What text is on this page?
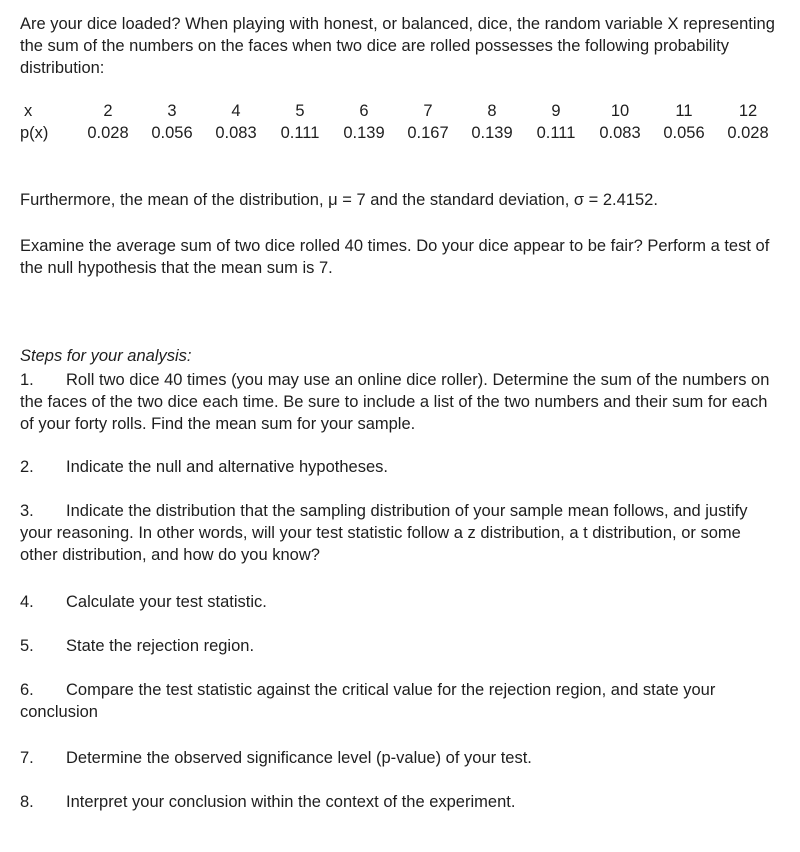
Are your dice loaded? When playing with honest, or balanced, dice, the random variable X representing the sum of the numbers on the faces when two dice are rolled possesses the following probability distribution:

x	2	3	4	5	6	7	8	9	10	11	12
p(x)	0.028	0.056	0.083	0.111	0.139	0.167	0.139	0.111	0.083	0.056	0.028

Furthermore, the mean of the distribution, μ = 7 and the standard deviation, σ = 2.4152.

Examine the average sum of two dice rolled 40 times. Do your dice appear to be fair? Perform a test of the null hypothesis that the mean sum is 7.

Steps for your analysis:

1. Roll two dice 40 times (you may use an online dice roller). Determine the sum of the numbers on the faces of the two dice each time. Be sure to include a list of the two numbers and their sum for each of your forty rolls. Find the mean sum for your sample.

2. Indicate the null and alternative hypotheses.

3. Indicate the distribution that the sampling distribution of your sample mean follows, and justify your reasoning. In other words, will your test statistic follow a z distribution, a t distribution, or some other distribution, and how do you know?

4. Calculate your test statistic.

5. State the rejection region.

6. Compare the test statistic against the critical value for the rejection region, and state your conclusion

7. Determine the observed significance level (p-value) of your test.

8. Interpret your conclusion within the context of the experiment.
